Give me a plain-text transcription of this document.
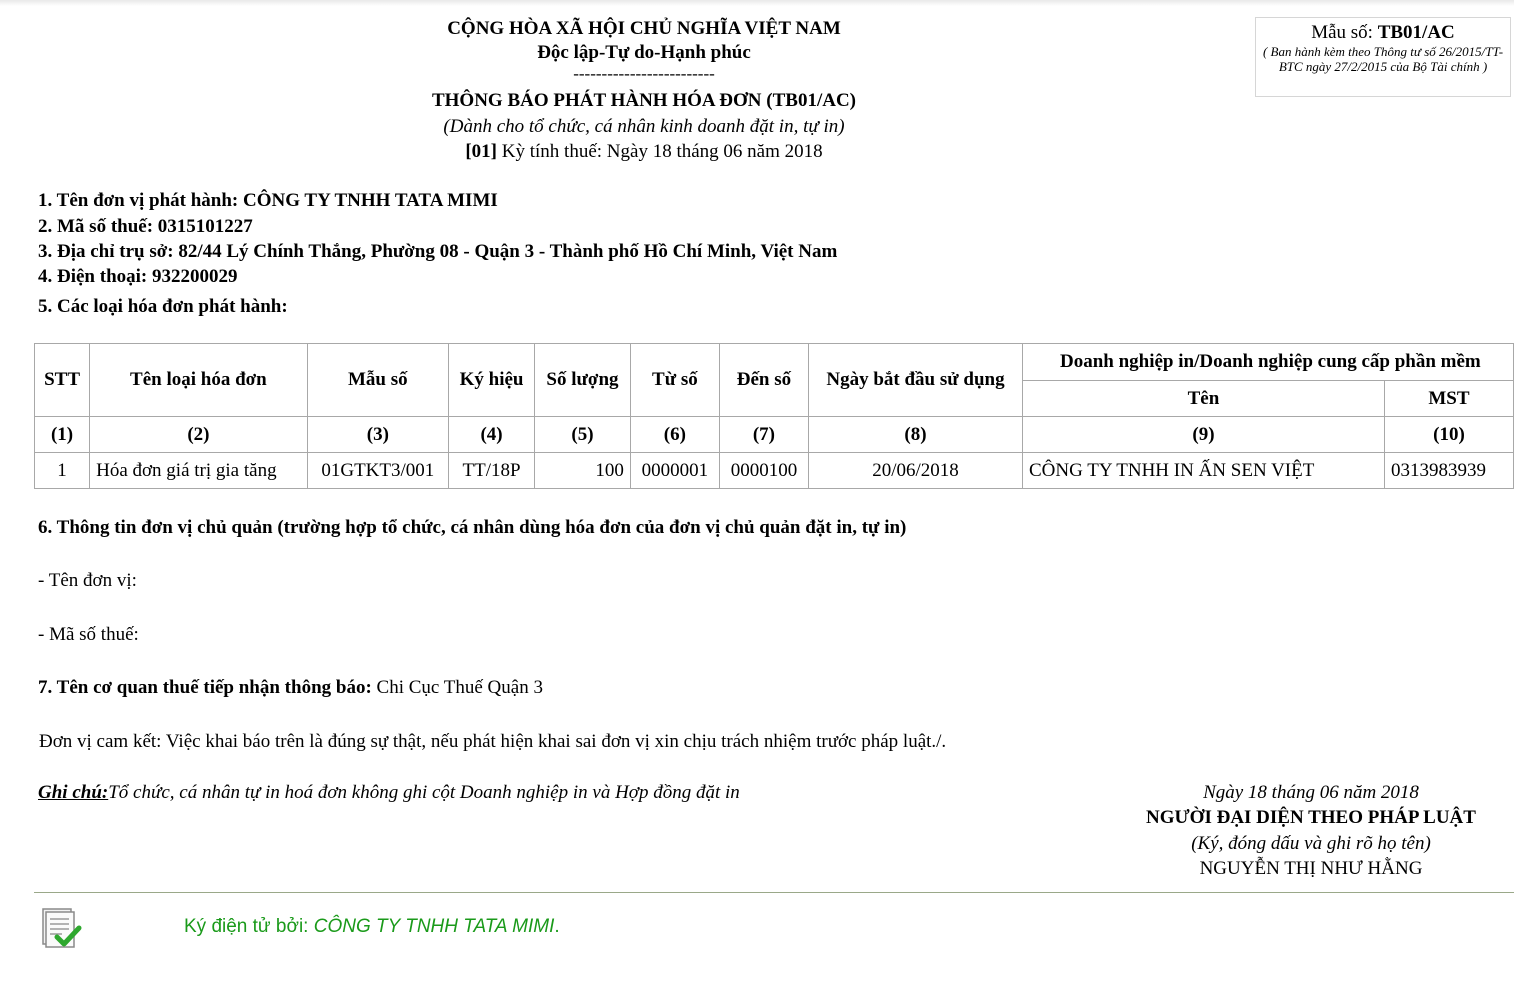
CỘNG HÒA XÃ HỘI CHỦ NGHĨA VIỆT NAM
Độc lập-Tự do-Hạnh phúc
-------------------------
THÔNG BÁO PHÁT HÀNH HÓA ĐƠN (TB01/AC)
(Dành cho tổ chức, cá nhân kinh doanh đặt in, tự in)
[01] Kỳ tính thuế: Ngày 18 tháng 06 năm 2018
Mẫu số: TB01/AC
( Ban hành kèm theo Thông tư số 26/2015/TT-BTC ngày 27/2/2015 của Bộ Tài chính )
1. Tên đơn vị phát hành: CÔNG TY TNHH TATA MIMI
2. Mã số thuế: 0315101227
3. Địa chỉ trụ sở: 82/44 Lý Chính Thắng, Phường 08 - Quận 3 - Thành phố Hồ Chí Minh, Việt Nam
4. Điện thoại: 932200029
5. Các loại hóa đơn phát hành:
STT	Tên loại hóa đơn	Mẫu số	Ký hiệu	Số lượng	Từ số	Đến số	Ngày bắt đầu sử dụng	Doanh nghiệp in/Doanh nghiệp cung cấp phần mềm	
								Tên	MST
(1)	(2)	(3)	(4)	(5)	(6)	(7)	(8)	(9)	(10)
1	Hóa đơn giá trị gia tăng	01GTKT3/001	TT/18P	100	0000001	0000100	20/06/2018	CÔNG TY TNHH IN ẤN SEN VIỆT	0313983939
6. Thông tin đơn vị chủ quản (trường hợp tổ chức, cá nhân dùng hóa đơn của đơn vị chủ quản đặt in, tự in)
- Tên đơn vị:
- Mã số thuế:
7. Tên cơ quan thuế tiếp nhận thông báo: Chi Cục Thuế Quận 3
Đơn vị cam kết: Việc khai báo trên là đúng sự thật, nếu phát hiện khai sai đơn vị xin chịu trách nhiệm trước pháp luật./.
Ghi chú:Tổ chức, cá nhân tự in hoá đơn không ghi cột Doanh nghiệp in và Hợp đồng đặt in	Ngày 18 tháng 06 năm 2018
NGƯỜI ĐẠI DIỆN THEO PHÁP LUẬT
(Ký, đóng dấu và ghi rõ họ tên)
NGUYỄN THỊ NHƯ HẰNG
Ký điện tử bởi: CÔNG TY TNHH TATA MIMI.
